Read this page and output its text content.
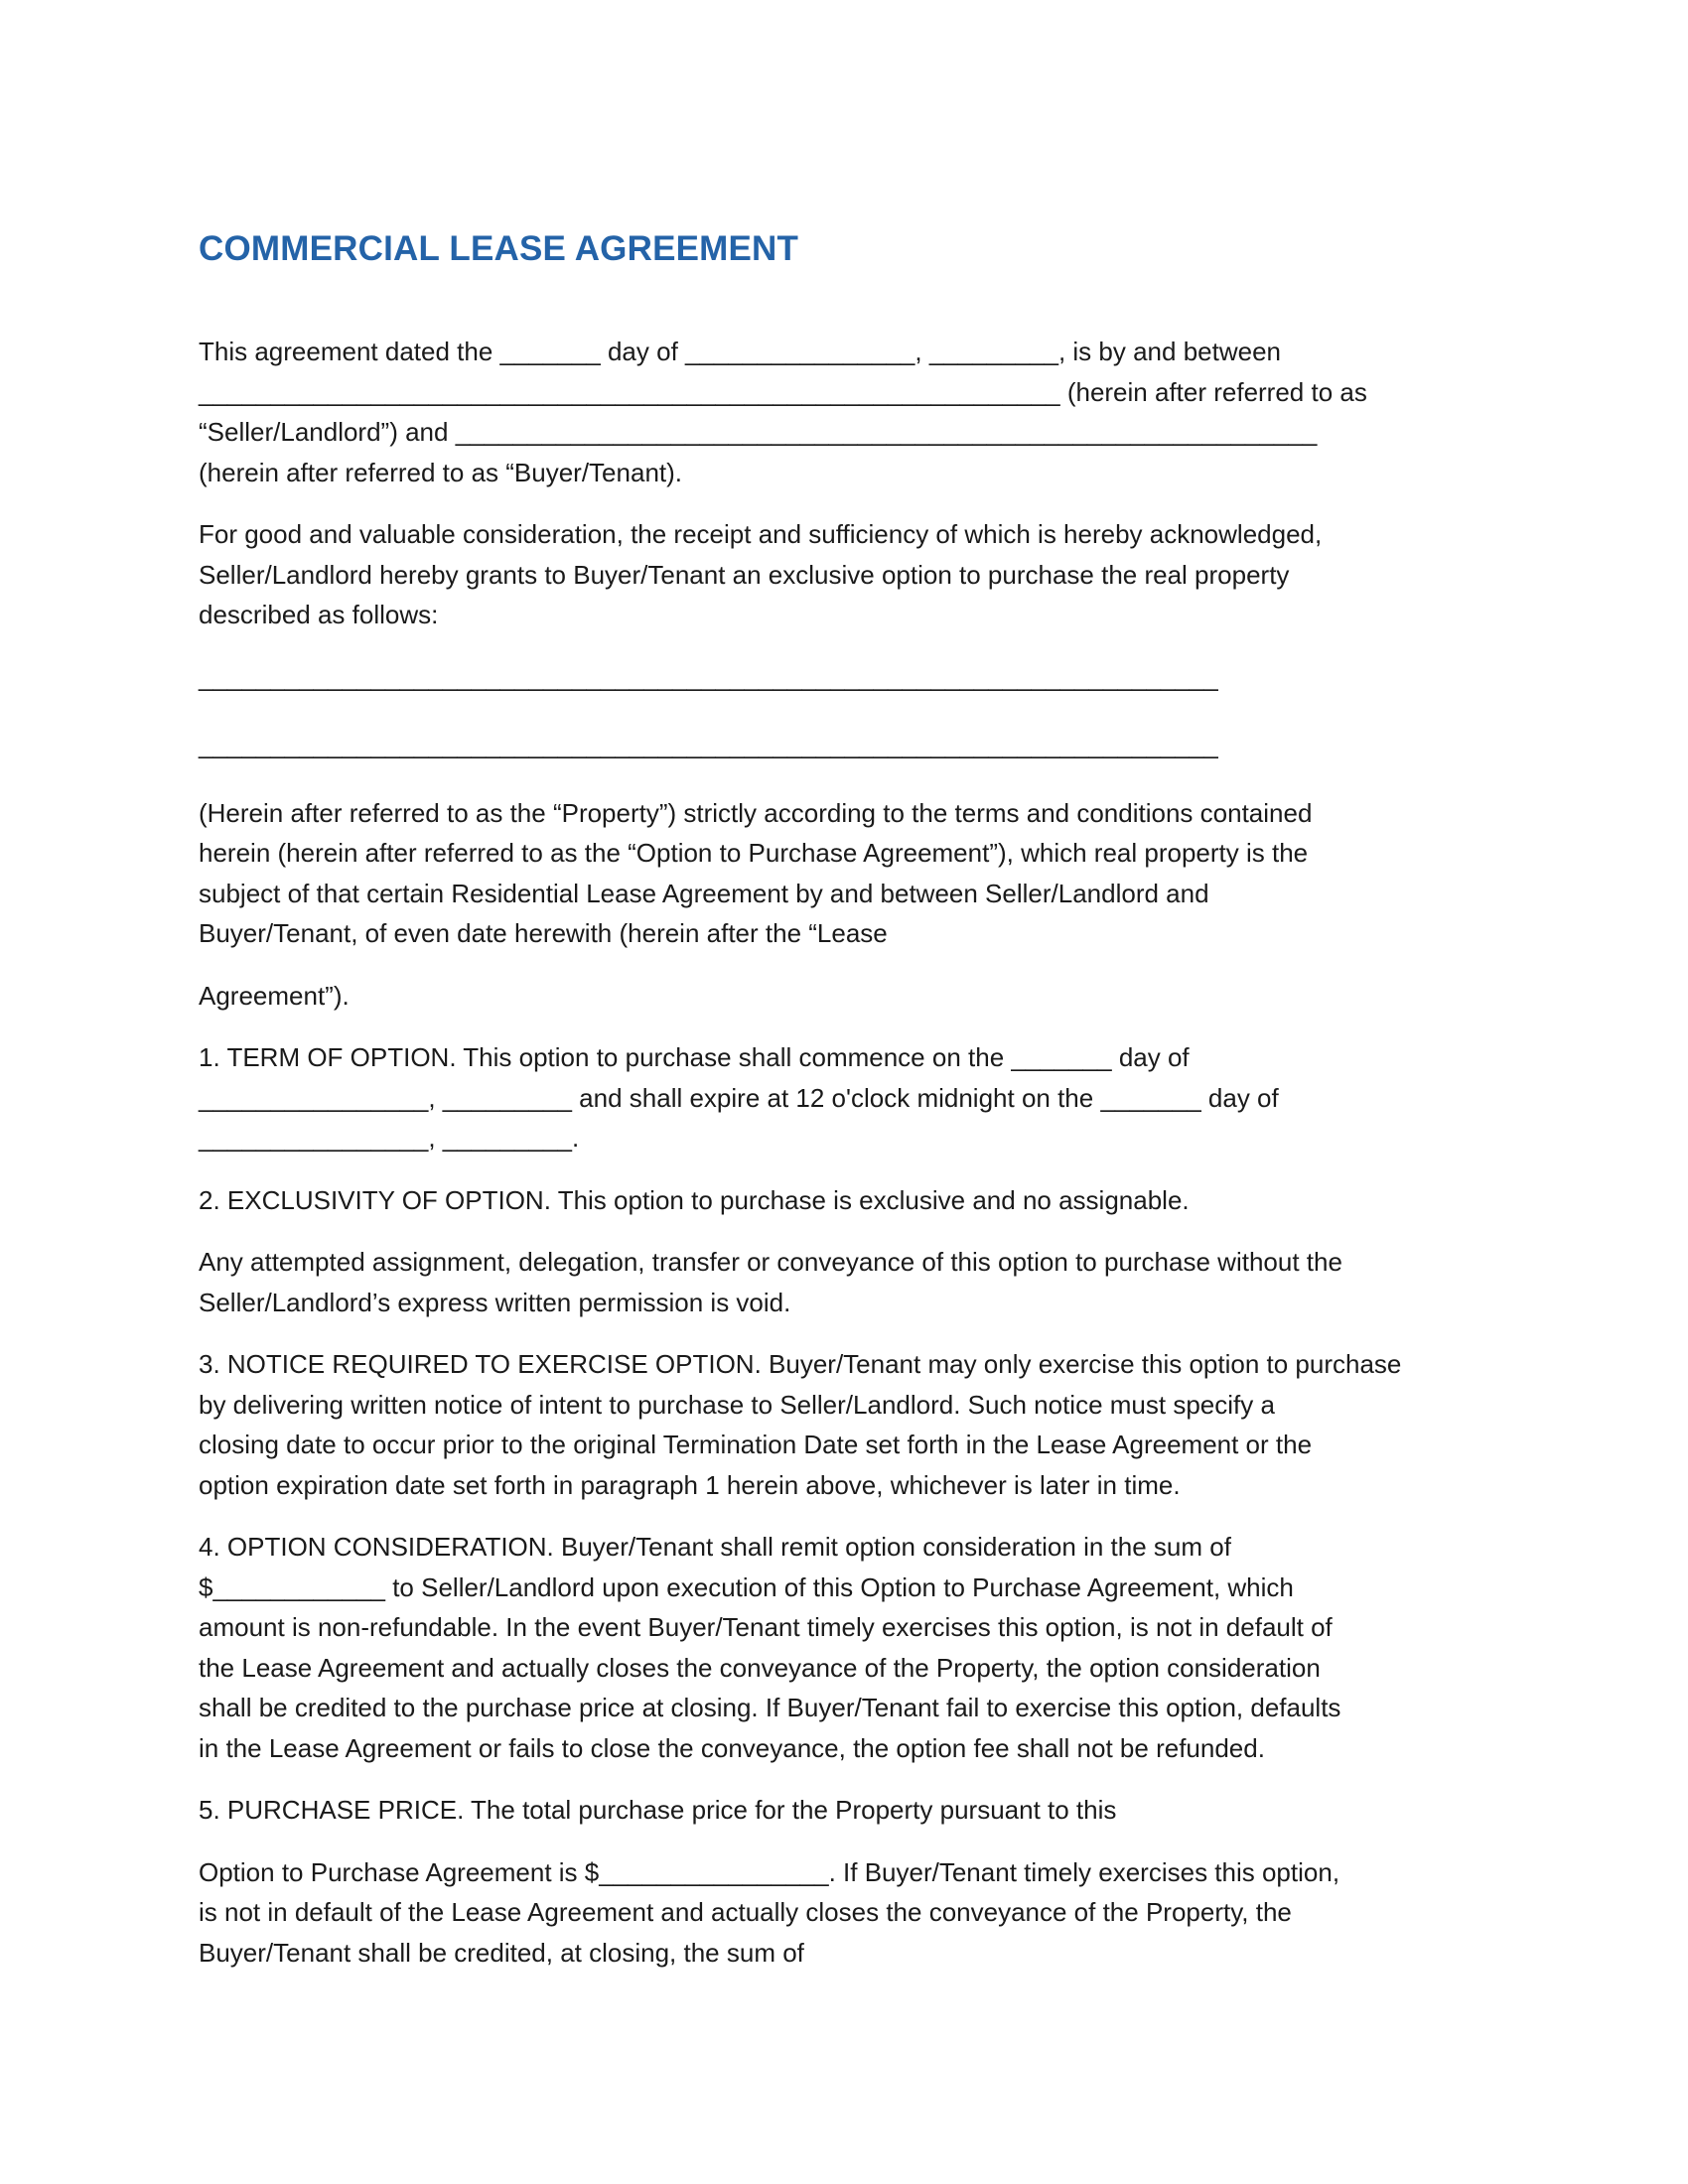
COMMERCIAL LEASE AGREEMENT
This agreement dated the _______ day of ________________, _________, is by and between
____________________________________________________________ (herein after referred to as
“Seller/Landlord”) and ____________________________________________________________
(herein after referred to as “Buyer/Tenant).
For good and valuable consideration, the receipt and sufficiency of which is hereby acknowledged,
Seller/Landlord hereby grants to Buyer/Tenant an exclusive option to purchase the real property
described as follows:
_______________________________________________________________________
_______________________________________________________________________
(Herein after referred to as the “Property”) strictly according to the terms and conditions contained
herein (herein after referred to as the “Option to Purchase Agreement”), which real property is the
subject of that certain Residential Lease Agreement by and between Seller/Landlord and
Buyer/Tenant, of even date herewith (herein after the “Lease
Agreement”).
1. TERM OF OPTION. This option to purchase shall commence on the _______ day of
________________, _________ and shall expire at 12 o'clock midnight on the _______ day of
________________, _________.
2. EXCLUSIVITY OF OPTION. This option to purchase is exclusive and no assignable.
Any attempted assignment, delegation, transfer or conveyance of this option to purchase without the
Seller/Landlord’s express written permission is void.
3. NOTICE REQUIRED TO EXERCISE OPTION. Buyer/Tenant may only exercise this option to purchase
by delivering written notice of intent to purchase to Seller/Landlord. Such notice must specify a
closing date to occur prior to the original Termination Date set forth in the Lease Agreement or the
option expiration date set forth in paragraph 1 herein above, whichever is later in time.
4. OPTION CONSIDERATION. Buyer/Tenant shall remit option consideration in the sum of
$____________ to Seller/Landlord upon execution of this Option to Purchase Agreement, which
amount is non-refundable. In the event Buyer/Tenant timely exercises this option, is not in default of
the Lease Agreement and actually closes the conveyance of the Property, the option consideration
shall be credited to the purchase price at closing. If Buyer/Tenant fail to exercise this option, defaults
in the Lease Agreement or fails to close the conveyance, the option fee shall not be refunded.
5. PURCHASE PRICE. The total purchase price for the Property pursuant to this
Option to Purchase Agreement is $________________. If Buyer/Tenant timely exercises this option,
is not in default of the Lease Agreement and actually closes the conveyance of the Property, the
Buyer/Tenant shall be credited, at closing, the sum of
